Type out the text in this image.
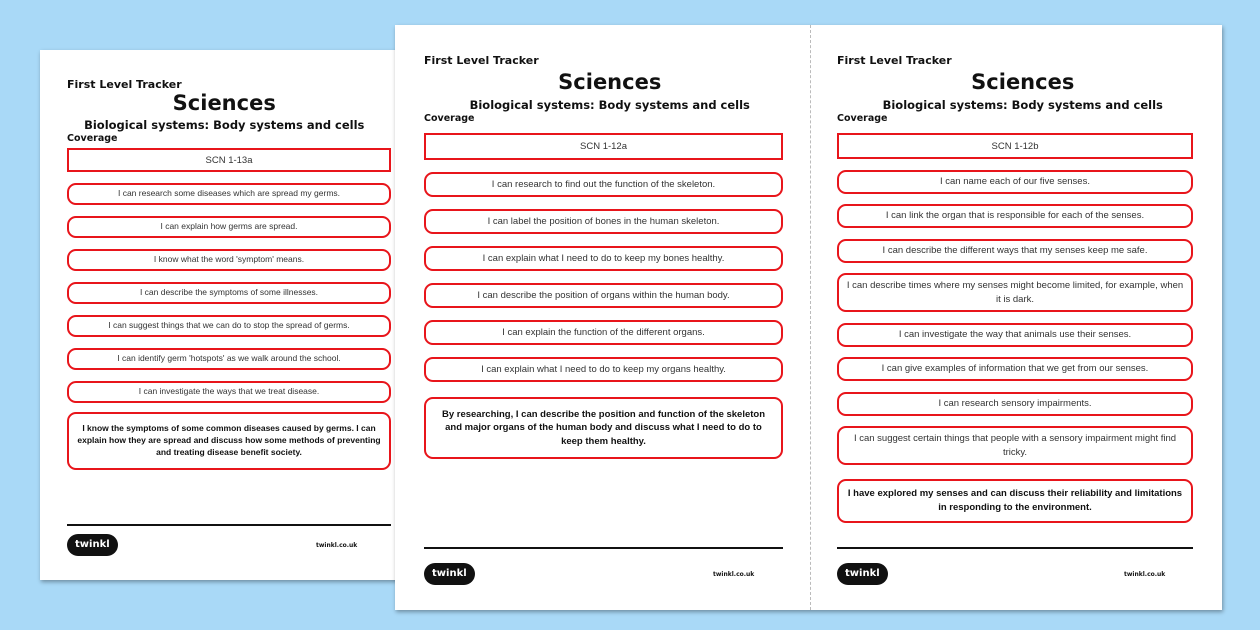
First Level Tracker
Sciences
Biological systems: Body systems and cells
Coverage
SCN 1-13a
I can research some diseases which are spread my germs.
I can explain how germs are spread.
I know what the word 'symptom' means.
I can describe the symptoms of some illnesses.
I can suggest things that we can do to stop the spread of germs.
I can identify germ 'hotspots' as we walk around the school.
I can investigate the ways that we treat disease.
I know the symptoms of some common diseases caused by germs. I can explain how they are spread and discuss how some methods of preventing and treating disease benefit society.
twinkl	twinkl.co.uk
First Level Tracker
Sciences
Biological systems: Body systems and cells
Coverage
SCN 1-12a
I can research to find out the function of the skeleton.
I can label the position of bones in the human skeleton.
I can explain what I need to do to keep my bones healthy.
I can describe the position of organs within the human body.
I can explain the function of the different organs.
I can explain what I need to do to keep my organs healthy.
By researching, I can describe the position and function of the skeleton and major organs of the human body and discuss what I need to do to keep them healthy.
twinkl	twinkl.co.uk
First Level Tracker
Sciences
Biological systems: Body systems and cells
Coverage
SCN 1-12b
I can name each of our five senses.
I can link the organ that is responsible for each of the senses.
I can describe the different ways that my senses keep me safe.
I can describe times where my senses might become limited, for example, when it is dark.
I can investigate the way that animals use their senses.
I can give examples of information that we get from our senses.
I can research sensory impairments.
I can suggest certain things that people with a sensory impairment might find tricky.
I have explored my senses and can discuss their reliability and limitations in responding to the environment.
twinkl	twinkl.co.uk
